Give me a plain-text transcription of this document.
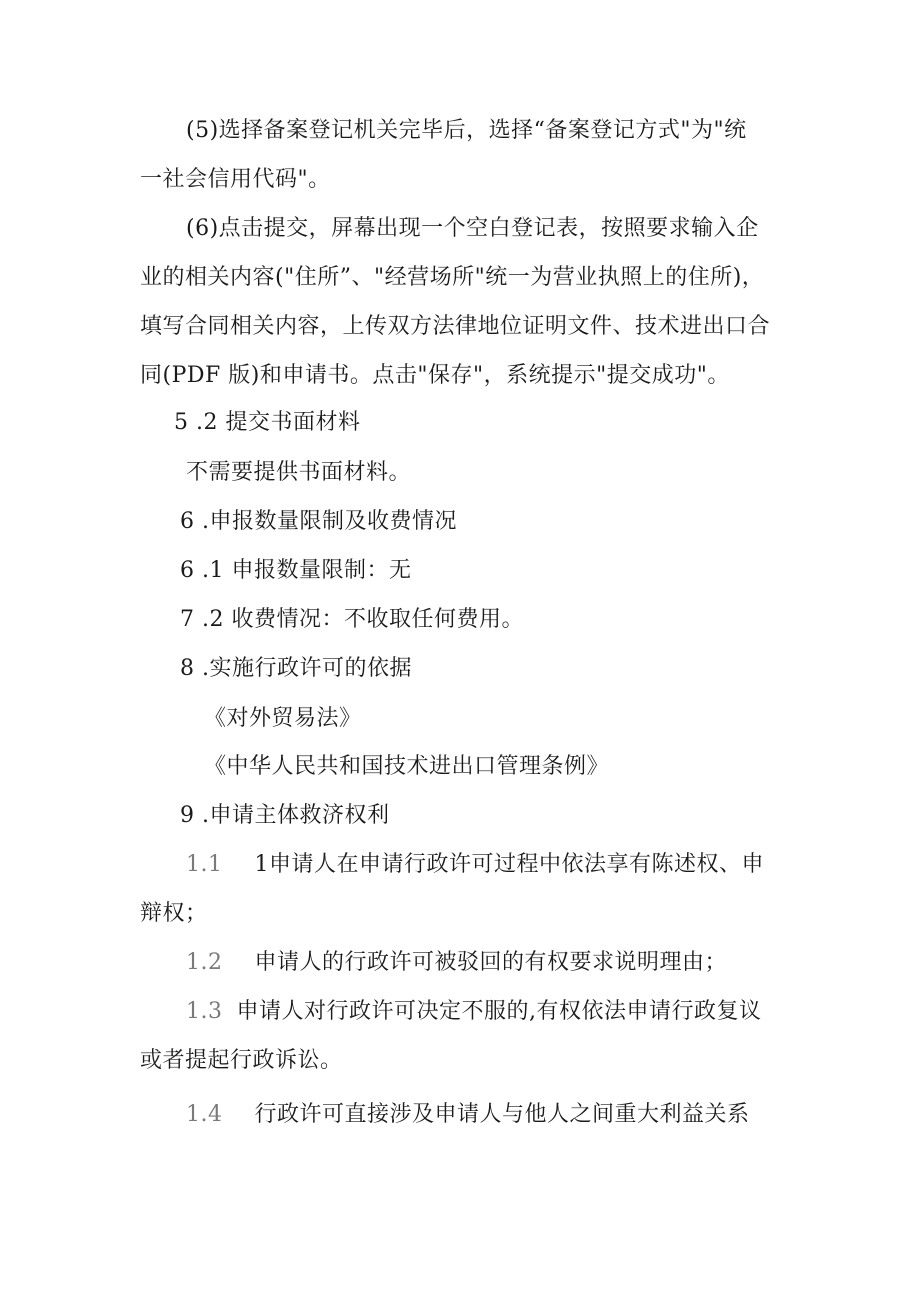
(5)选择备案登记机关完毕后，选择“备案登记方式"为"统
一社会信用代码"。
(6)点击提交，屏幕出现一个空白登记表，按照要求输入企
业的相关内容("住所”、"经营场所"统一为营业执照上的住所)，
填写合同相关内容，上传双方法律地位证明文件、技术进出口合
同(PDF 版)和申请书。点击"保存"，系统提示"提交成功"。
5 .2 提交书面材料
不需要提供书面材料。
6 .申报数量限制及收费情况
6 .1 申报数量限制：无
7 .2 收费情况：不收取任何费用。
8 .实施行政许可的依据
《对外贸易法》
《中华人民共和国技术进出口管理条例》
9 .申请主体救济权利
1.1 1申请人在申请行政许可过程中依法享有陈述权、申
辩权；
1.2 申请人的行政许可被驳回的有权要求说明理由；
1.3 申请人对行政许可决定不服的,有权依法申请行政复议
或者提起行政诉讼。
1.4 行政许可直接涉及申请人与他人之间重大利益关系
